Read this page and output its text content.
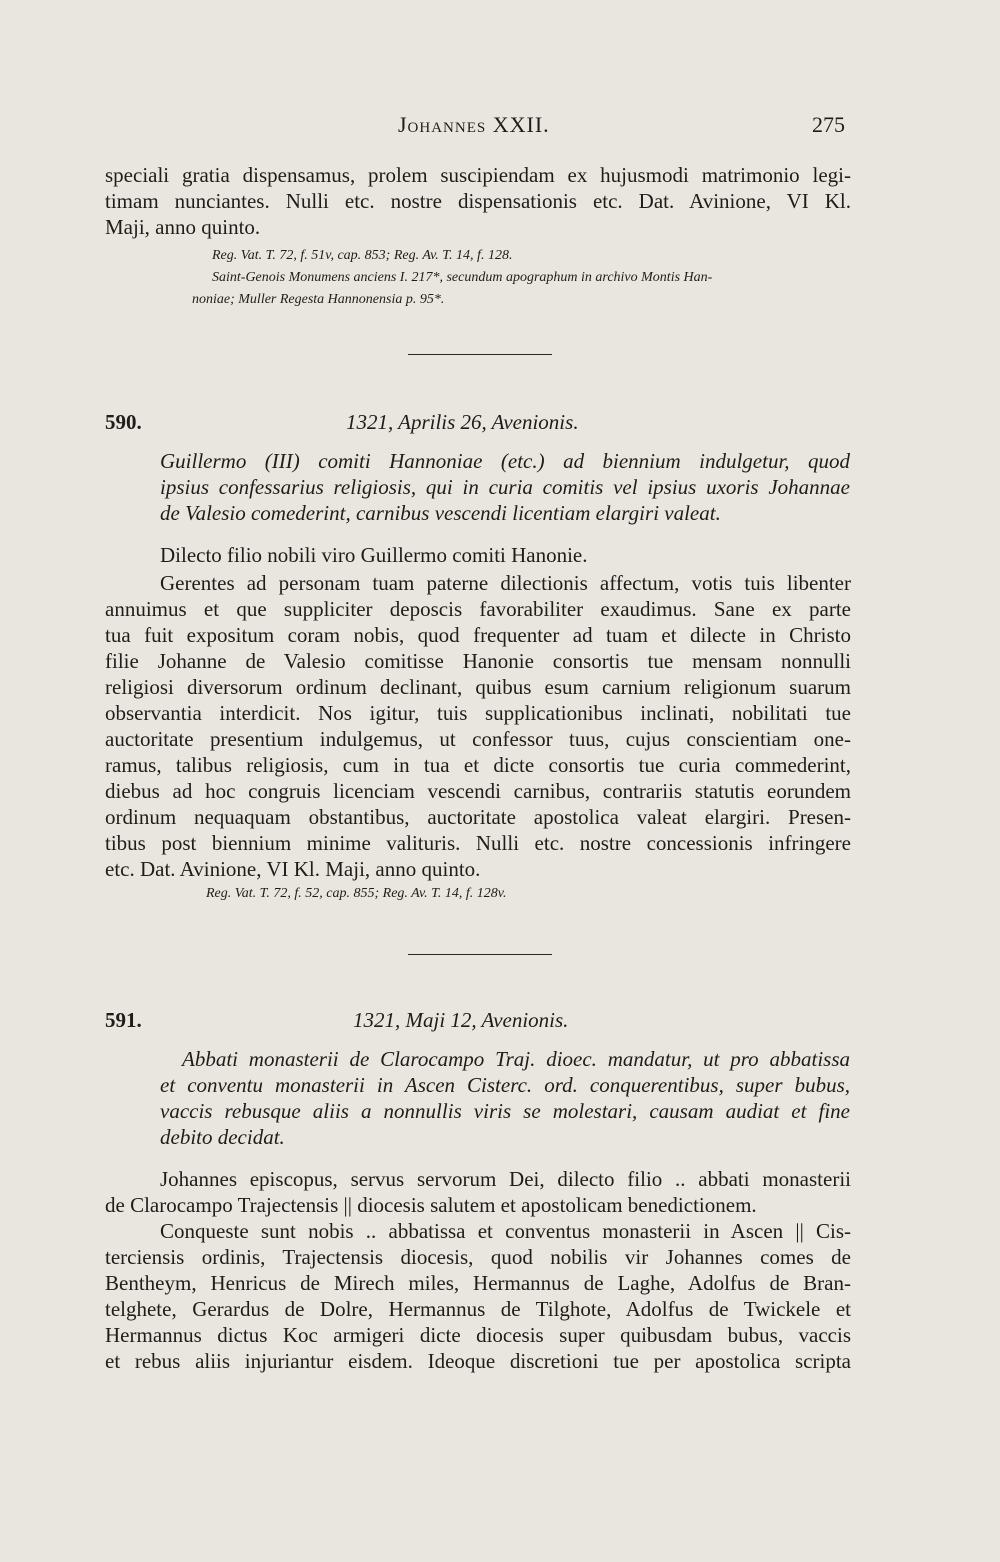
Johannes XXII.	275
speciali gratia dispensamus, prolem suscipiendam ex hujusmodi matrimonio legi-
timam nunciantes. Nulli etc. nostre dispensationis etc. Dat. Avinione, VI Kl.
Maji, anno quinto.
Reg. Vat. T. 72, f. 51v, cap. 853; Reg. Av. T. 14, f. 128.
Saint-Genois Monumens anciens I. 217*, secundum apographum in archivo Montis Han-
noniae; Muller Regesta Hannonensia p. 95*.
590.	1321, Aprilis 26, Avenionis.
Guillermo (III) comiti Hannoniae (etc.) ad biennium indulgetur, quod
ipsius confessarius religiosis, qui in curia comitis vel ipsius uxoris Johannae
de Valesio comederint, carnibus vescendi licentiam elargiri valeat.
Dilecto filio nobili viro Guillermo comiti Hanonie.
Gerentes ad personam tuam paterne dilectionis affectum, votis tuis libenter
annuimus et que suppliciter deposcis favorabiliter exaudimus. Sane ex parte
tua fuit expositum coram nobis, quod frequenter ad tuam et dilecte in Christo
filie Johanne de Valesio comitisse Hanonie consortis tue mensam nonnulli
religiosi diversorum ordinum declinant, quibus esum carnium religionum suarum
observantia interdicit. Nos igitur, tuis supplicationibus inclinati, nobilitati tue
auctoritate presentium indulgemus, ut confessor tuus, cujus conscientiam one-
ramus, talibus religiosis, cum in tua et dicte consortis tue curia commederint,
diebus ad hoc congruis licenciam vescendi carnibus, contrariis statutis eorundem
ordinum nequaquam obstantibus, auctoritate apostolica valeat elargiri. Presen-
tibus post biennium minime valituris. Nulli etc. nostre concessionis infringere
etc. Dat. Avinione, VI Kl. Maji, anno quinto.
Reg. Vat. T. 72, f. 52, cap. 855; Reg. Av. T. 14, f. 128v.
591.	1321, Maji 12, Avenionis.
Abbati monasterii de Clarocampo Traj. dioec. mandatur, ut pro abbatissa
et conventu monasterii in Ascen Cisterc. ord. conquerentibus, super bubus,
vaccis rebusque aliis a nonnullis viris se molestari, causam audiat et fine
debito decidat.
Johannes episcopus, servus servorum Dei, dilecto filio .. abbati monasterii
de Clarocampo Trajectensis || diocesis salutem et apostolicam benedictionem.
Conqueste sunt nobis .. abbatissa et conventus monasterii in Ascen || Cis-
terciensis ordinis, Trajectensis diocesis, quod nobilis vir Johannes comes de
Bentheym, Henricus de Mirech miles, Hermannus de Laghe, Adolfus de Bran-
telghete, Gerardus de Dolre, Hermannus de Tilghote, Adolfus de Twickele et
Hermannus dictus Koc armigeri dicte diocesis super quibusdam bubus, vaccis
et rebus aliis injuriantur eisdem. Ideoque discretioni tue per apostolica scripta
